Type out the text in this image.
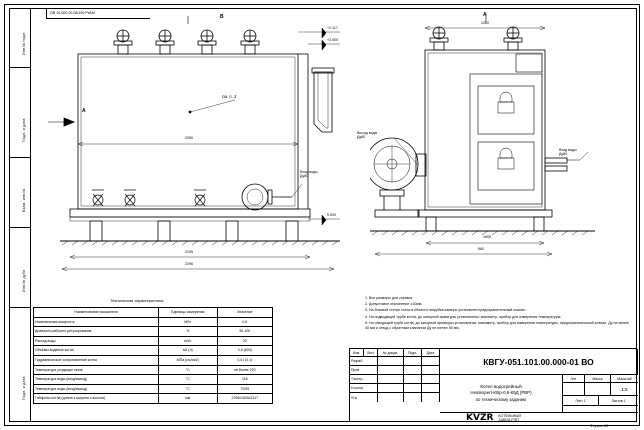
Инв.№ подп
Подп. и дата
Взам. инв.№
Инв.№ дубл.
Подп. и дата
ОВ 10-000 00 08/150 РzБМ
В
А
см. п. 3
+2.117
+2.000
0.000
2050
2195
2296
Вход воды
Ду80
А
1260
1605
960
Выход воды
Ду80
Вход воды
Ду80
1. Все размеры для справок.
2. Допустимое отклонение ±10мм.
3. На боковой стенке котла в области патрубка камеры установлен предохранительный клапан.
4. На подводящей трубе котла, до запорной арматуры установлены: манометр, прибор для измерения температуры.
5. На отводящей трубе котла, до запорной арматуры установлены: манометр, прибор для измерения температуры, предохранительный клапан. Ду не менее 40 мм и отвод с обратным клапаном Ду не менее 50 мм.
Техническая характеристика
Наименование показателя	Единицы измерения	Значение
Номинальная мощность	МВт	0,6
Диапазон рабочего регулирования	%	50-100
Расход воды	м3/ч	20
Объёмы водяные котла	м3 (л)	0,6 (600)
Гидравлическое сопротивление котла	МПа (кгс/см2)	0,01 (0,1)
Температура уходящих газов	°С	не более 220
Температура воды (вход/выход)	°С	115
Температура воды (вход/выход)	°С	70/95
Габариты котла (длина х ширина х высота)	мм	2296х1605х2117
Изм. Лист	№ докум.	Подп.	Дата
Разраб.
Пров.
Т.контр.
Н.контр.
Утв.
КВГУ-051.101.00.000-01 ВО
Котел водогрейный
Heatexpert-KBp-0,6-К5Д (РВР)
по техническому заданию
Лит.	Масса	Масштаб
1:5
Лист
1	Листов
1
KVZR КОТЕЛЬНЫЙ
ЗАВОД РЭП
Формат A3
